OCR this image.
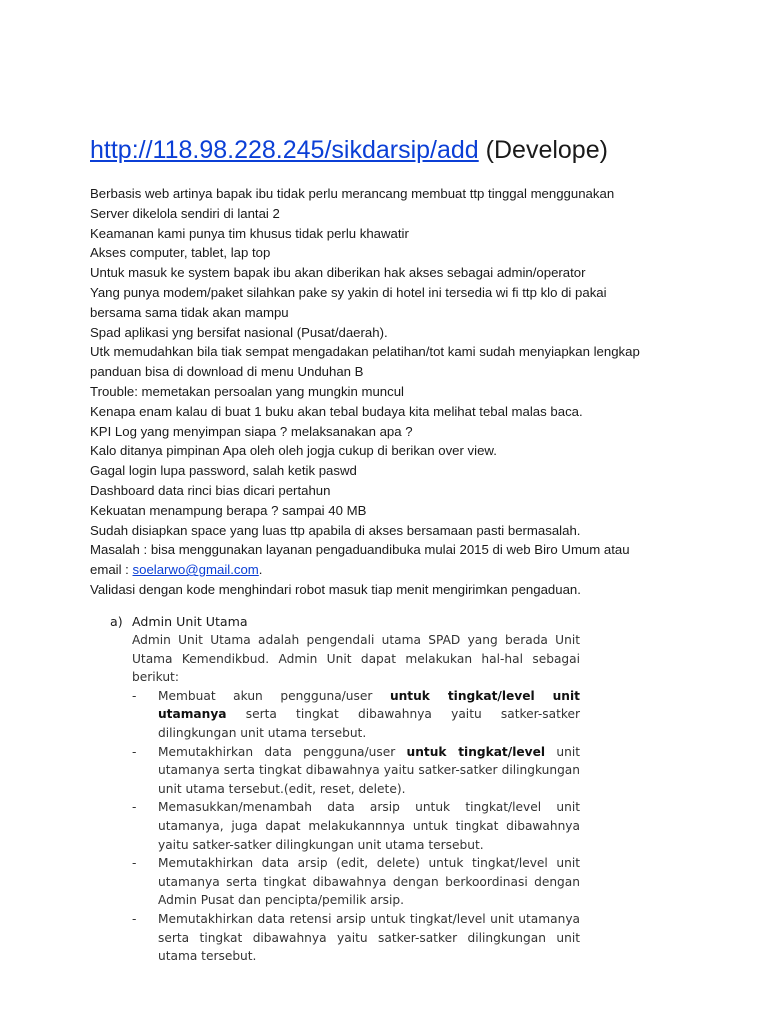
http://118.98.228.245/sikdarsip/add (Develope)
Berbasis web artinya bapak ibu tidak perlu merancang membuat ttp tinggal menggunakan
Server dikelola sendiri di lantai 2
Keamanan kami punya tim khusus tidak perlu khawatir
Akses computer, tablet, lap top
Untuk masuk ke system bapak ibu akan diberikan hak akses sebagai admin/operator
Yang punya modem/paket silahkan pake sy yakin di hotel ini tersedia wi fi ttp klo di pakai
bersama sama tidak akan mampu
Spad aplikasi yng bersifat nasional (Pusat/daerah).
Utk memudahkan bila tiak sempat mengadakan pelatihan/tot kami sudah menyiapkan lengkap
panduan bisa di download di menu Unduhan B
Trouble: memetakan persoalan yang mungkin muncul
Kenapa enam kalau di buat 1 buku akan tebal budaya kita melihat tebal malas baca.
KPI Log yang menyimpan siapa ? melaksanakan apa ?
Kalo ditanya pimpinan Apa oleh oleh jogja cukup di berikan over view.
Gagal login lupa password, salah ketik paswd
Dashboard data rinci bias dicari pertahun
Kekuatan menampung berapa ? sampai 40 MB
Sudah disiapkan space yang luas ttp apabila di akses bersamaan pasti bermasalah.
Masalah : bisa menggunakan layanan pengaduandibuka mulai 2015 di web Biro Umum atau
email : soelarwo@gmail.com.
Validasi dengan kode menghindari robot masuk tiap menit mengirimkan pengaduan.
a) Admin Unit Utama
Admin Unit Utama adalah pengendali utama SPAD yang berada Unit Utama Kemendikbud. Admin Unit dapat melakukan hal-hal sebagai berikut:
- Membuat akun pengguna/user untuk tingkat/level unit utamanya serta tingkat dibawahnya yaitu satker-satker dilingkungan unit utama tersebut.
- Memutakhirkan data pengguna/user untuk tingkat/level unit utamanya serta tingkat dibawahnya yaitu satker-satker dilingkungan unit utama tersebut.(edit, reset, delete).
- Memasukkan/menambah data arsip untuk tingkat/level unit utamanya, juga dapat melakukannnya untuk tingkat dibawahnya yaitu satker-satker dilingkungan unit utama tersebut.
- Memutakhirkan data arsip (edit, delete) untuk tingkat/level unit utamanya serta tingkat dibawahnya dengan berkoordinasi dengan Admin Pusat dan pencipta/pemilik arsip.
- Memutakhirkan data retensi arsip untuk tingkat/level unit utamanya serta tingkat dibawahnya yaitu satker-satker dilingkungan unit utama tersebut.
